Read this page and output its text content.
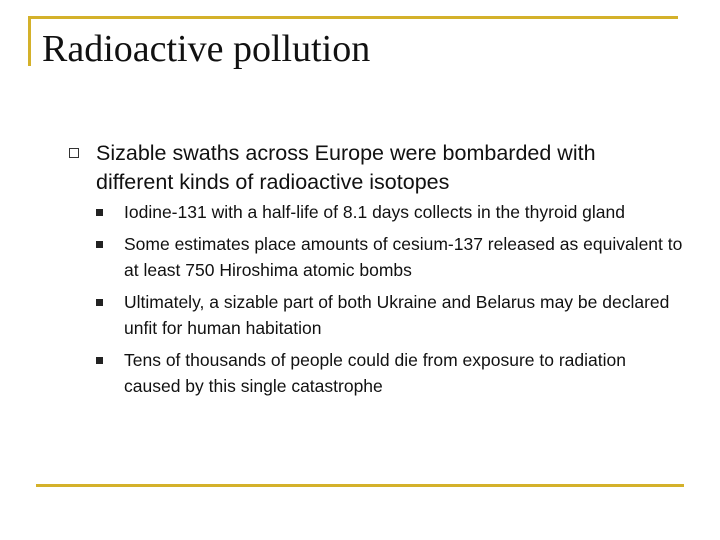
Radioactive pollution
Sizable swaths across Europe were bombarded with different kinds of radioactive isotopes
Iodine-131 with a half-life of 8.1 days collects in the thyroid gland
Some estimates place amounts of cesium-137 released as equivalent to at least 750 Hiroshima atomic bombs
Ultimately, a sizable part of both Ukraine and Belarus may be declared unfit for human habitation
Tens of thousands of people could die from exposure to radiation caused by this single catastrophe
